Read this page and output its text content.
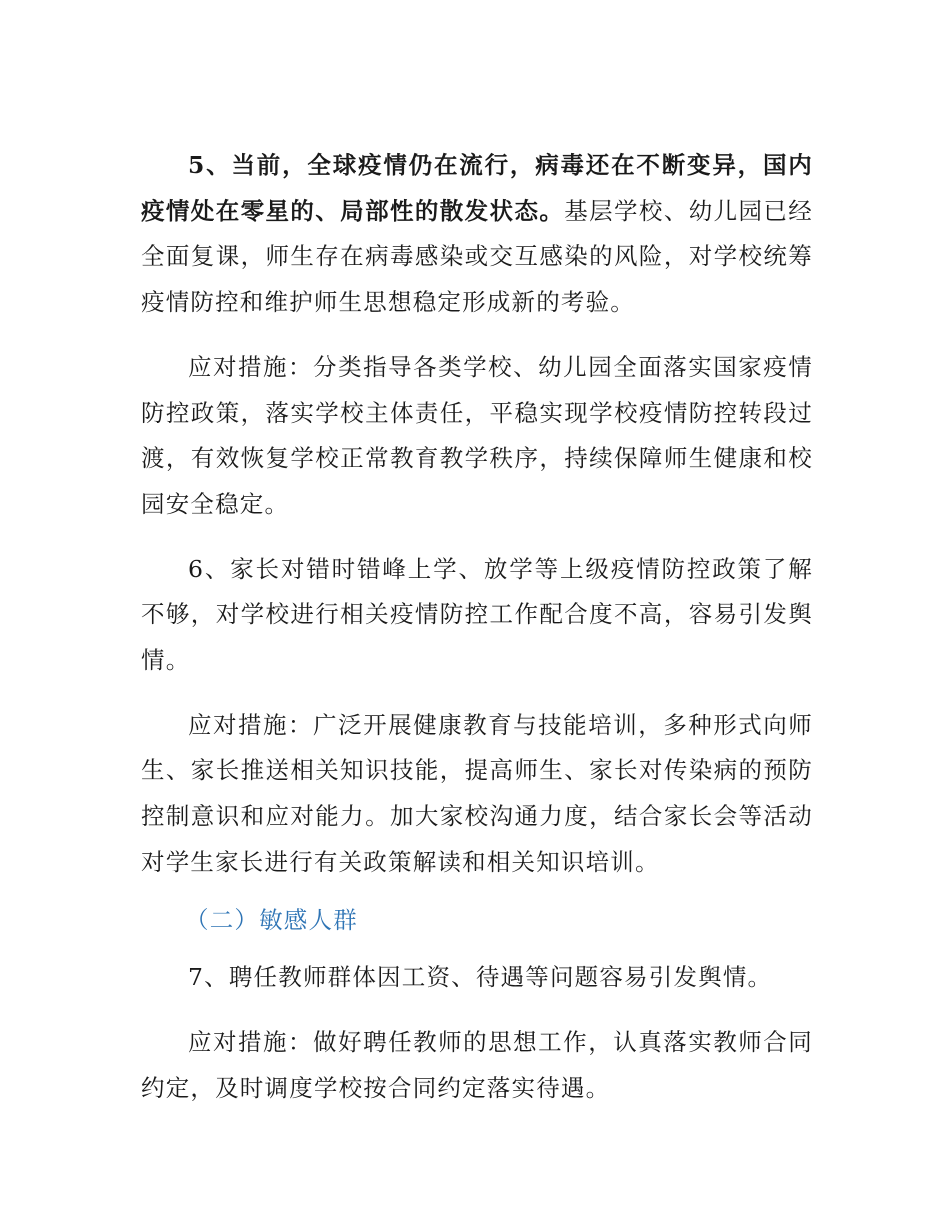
5、当前，全球疫情仍在流行，病毒还在不断变异，国内疫情处在零星的、局部性的散发状态。基层学校、幼儿园已经全面复课，师生存在病毒感染或交互感染的风险，对学校统筹疫情防控和维护师生思想稳定形成新的考验。

应对措施：分类指导各类学校、幼儿园全面落实国家疫情防控政策，落实学校主体责任，平稳实现学校疫情防控转段过渡，有效恢复学校正常教育教学秩序，持续保障师生健康和校园安全稳定。

6、家长对错时错峰上学、放学等上级疫情防控政策了解不够，对学校进行相关疫情防控工作配合度不高，容易引发舆情。

应对措施：广泛开展健康教育与技能培训，多种形式向师生、家长推送相关知识技能，提高师生、家长对传染病的预防控制意识和应对能力。加大家校沟通力度，结合家长会等活动对学生家长进行有关政策解读和相关知识培训。

（二）敏感人群

7、聘任教师群体因工资、待遇等问题容易引发舆情。

应对措施：做好聘任教师的思想工作，认真落实教师合同约定，及时调度学校按合同约定落实待遇。
